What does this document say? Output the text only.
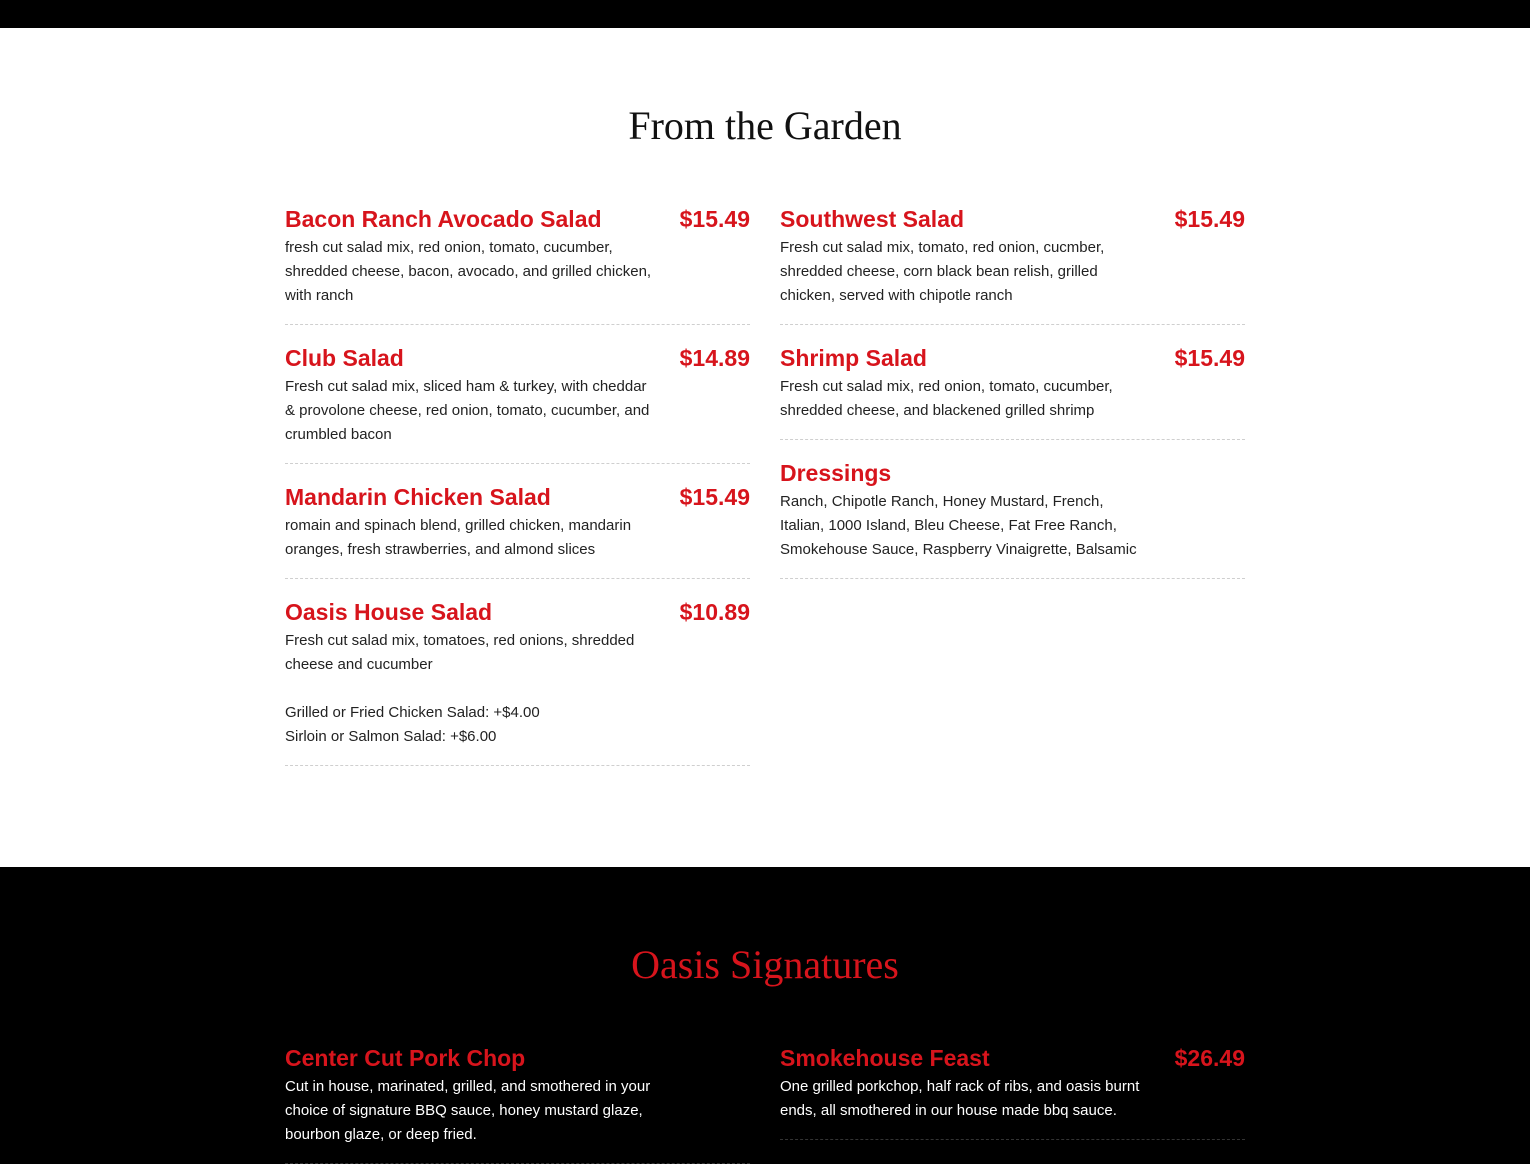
From the Garden
Bacon Ranch Avocado Salad	$15.49

fresh cut salad mix, red onion, tomato, cucumber, shredded cheese, bacon, avocado, and grilled chicken, with ranch

Club Salad	$14.89

Fresh cut salad mix, sliced ham & turkey, with cheddar & provolone cheese, red onion, tomato, cucumber, and crumbled bacon

Mandarin Chicken Salad	$15.49

romain and spinach blend, grilled chicken, mandarin oranges, fresh strawberries, and almond slices

Oasis House Salad	$10.89

Fresh cut salad mix, tomatoes, red onions, shredded cheese and cucumber

Grilled or Fried Chicken Salad: +$4.00
Sirloin or Salmon Salad: +$6.00
Southwest Salad	$15.49

Fresh cut salad mix, tomato, red onion, cucmber, shredded cheese, corn black bean relish, grilled chicken, served with chipotle ranch

Shrimp Salad	$15.49

Fresh cut salad mix, red onion, tomato, cucumber, shredded cheese, and blackened grilled shrimp

Dressings

Ranch, Chipotle Ranch, Honey Mustard, French, Italian, 1000 Island, Bleu Cheese, Fat Free Ranch, Smokehouse Sauce, Raspberry Vinaigrette, Balsamic

Oasis Signatures
Center Cut Pork Chop

Cut in house, marinated, grilled, and smothered in your choice of signature BBQ sauce, honey mustard glaze, bourbon glaze, or deep fried.

Smokehouse Feast	$26.49

One grilled porkchop, half rack of ribs, and oasis burnt ends, all smothered in our house made bbq sauce.
